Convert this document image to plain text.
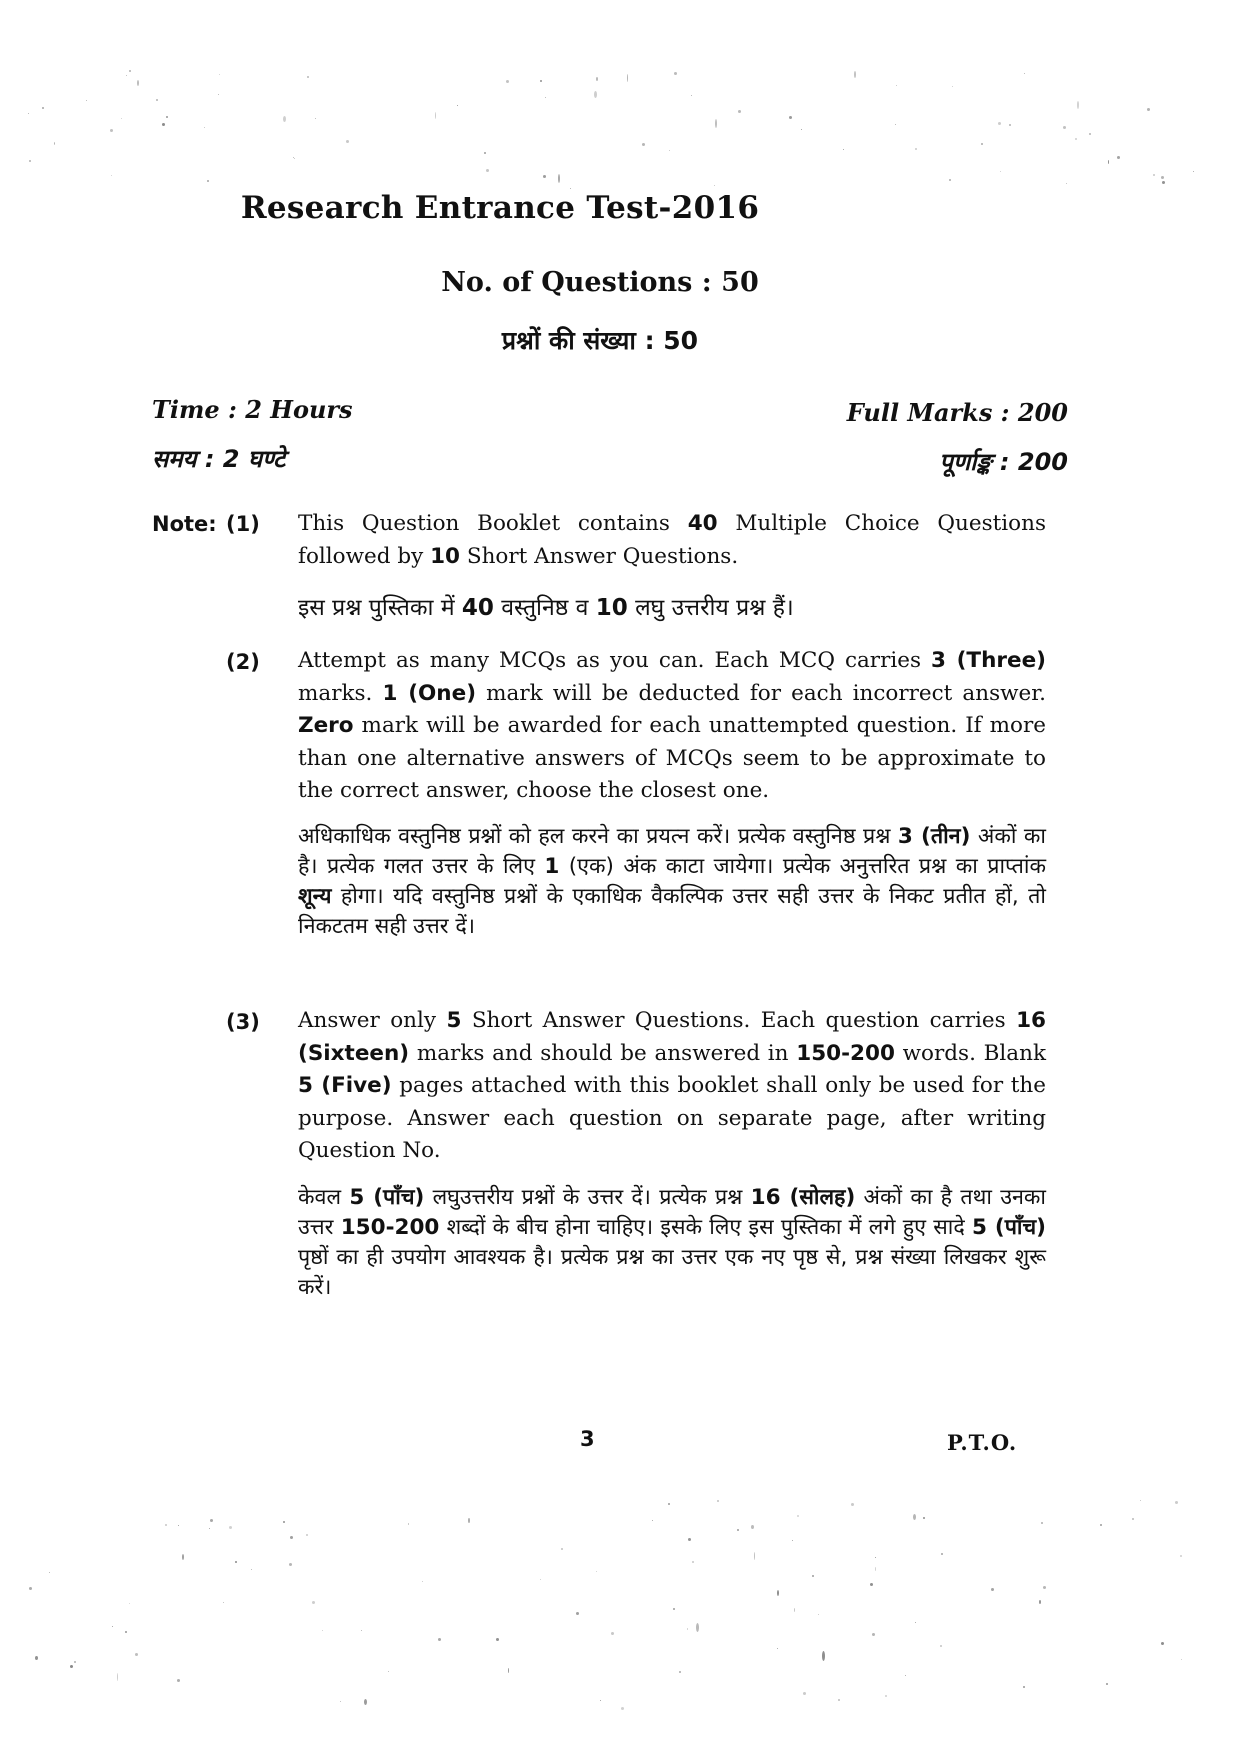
Research Entrance Test-2016
No. of Questions : 50
प्रश्नों की संख्या : 50
Time : 2 Hours
समय : 2 घण्टे
Full Marks : 200
पूर्णाङ्क : 200
Note: (1) This Question Booklet contains 40 Multiple Choice Questions followed by 10 Short Answer Questions.
इस प्रश्न पुस्तिका में 40 वस्तुनिष्ठ व 10 लघु उत्तरीय प्रश्न हैं।
(2) Attempt as many MCQs as you can. Each MCQ carries 3 (Three) marks. 1 (One) mark will be deducted for each incorrect answer. Zero mark will be awarded for each unattempted question. If more than one alternative answers of MCQs seem to be approximate to the correct answer, choose the closest one.
अधिकाधिक वस्तुनिष्ठ प्रश्नों को हल करने का प्रयत्न करें। प्रत्येक वस्तुनिष्ठ प्रश्न 3 (तीन) अंकों का है। प्रत्येक गलत उत्तर के लिए 1 (एक) अंक काटा जायेगा। प्रत्येक अनुत्तरित प्रश्न का प्राप्तांक शून्य होगा। यदि वस्तुनिष्ठ प्रश्नों के एकाधिक वैकल्पिक उत्तर सही उत्तर के निकट प्रतीत हों, तो निकटतम सही उत्तर दें।
(3) Answer only 5 Short Answer Questions. Each question carries 16 (Sixteen) marks and should be answered in 150-200 words. Blank 5 (Five) pages attached with this booklet shall only be used for the purpose. Answer each question on separate page, after writing Question No.
केवल 5 (पाँच) लघुउत्तरीय प्रश्नों के उत्तर दें। प्रत्येक प्रश्न 16 (सोलह) अंकों का है तथा उनका उत्तर 150-200 शब्दों के बीच होना चाहिए। इसके लिए इस पुस्तिका में लगे हुए सादे 5 (पाँच) पृष्ठों का ही उपयोग आवश्यक है। प्रत्येक प्रश्न का उत्तर एक नए पृष्ठ से, प्रश्न संख्या लिखकर शुरू करें।
3	P.T.O.
